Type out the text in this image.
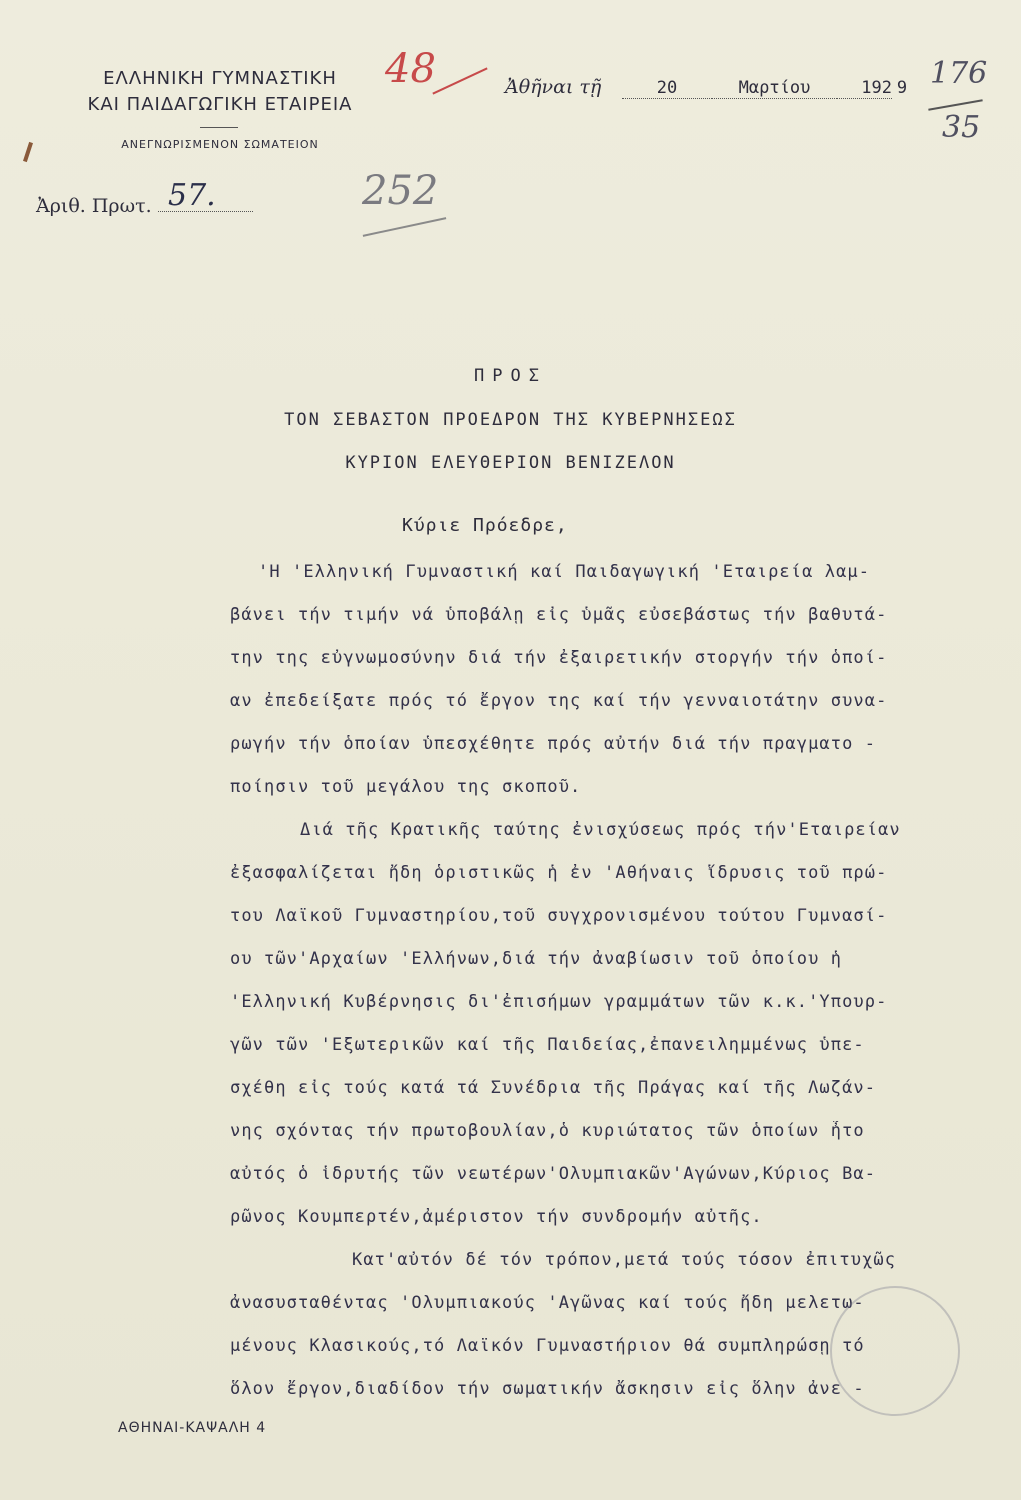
ΕΛΛΗΝΙΚΗ ΓΥΜΝΑΣΤΙΚΗ
ΚΑΙ ΠΑΙΔΑΓΩΓΙΚΗ ΕΤΑΙΡΕΙΑ
ΑΝΕΓΝΩΡΙΣΜΕΝΟΝ ΣΩΜΑΤΕΙΟΝ
Ἀριθ. Πρωτ. 57.
48
252
Ἀθῆναι τῇ	20	Μαρτίου	192 9 176
35
ΠΡΟΣ
ΤΟΝ ΣΕΒΑΣΤΟΝ ΠΡΟΕΔΡΟΝ ΤΗΣ ΚΥΒΕΡΝΗΣΕΩΣ
ΚΥΡΙΟΝ ΕΛΕΥΘΕΡΙΟΝ ΒΕΝΙΖΕΛΟΝ
Κύριε Πρόεδρε,
'Η 'Ελληνική Γυμναστική καί Παιδαγωγική 'Εταιρεία λαμ-
βάνει τήν τιμήν νά ὑποβάλῃ εἰς ὑμᾶς εὐσεβάστως τήν βαθυτά-
την της εὐγνωμοσύνην διά τήν ἐξαιρετικήν στοργήν τήν ὁποί-
αν ἐπεδείξατε πρός τό ἔργον της καί τήν γενναιοτάτην συνα-
ρωγήν τήν ὁποίαν ὑπεσχέθητε πρός αὐτήν διά τήν πραγματο -
ποίησιν τοῦ μεγάλου της σκοποῦ.
Διά τῆς Κρατικῆς ταύτης ἐνισχύσεως πρός τήν'Εταιρείαν
ἐξασφαλίζεται ἤδη ὁριστικῶς ἡ ἐν 'Αθήναις ἵδρυσις τοῦ πρώ-
του Λαϊκοῦ Γυμναστηρίου,τοῦ συγχρονισμένου τούτου Γυμνασί-
ου τῶν'Αρχαίων 'Ελλήνων,διά τήν ἀναβίωσιν τοῦ ὁποίου ἡ
'Ελληνική Κυβέρνησις δι'ἐπισήμων γραμμάτων τῶν κ.κ.'Υπουρ-
γῶν τῶν 'Εξωτερικῶν καί τῆς Παιδείας,ἐπανειλημμένως ὑπε-
σχέθη εἰς τούς κατά τά Συνέδρια τῆς Πράγας καί τῆς Λωζάν-
νης σχόντας τήν πρωτοβουλίαν,ὁ κυριώτατος τῶν ὁποίων ἦτο
αὐτός ὁ ἱδρυτής τῶν νεωτέρων'Ολυμπιακῶν'Αγώνων,Κύριος Βα-
ρῶνος Κουμπερτέν,ἀμέριστον τήν συνδρομήν αὐτῆς.
Κατ'αὐτόν δέ τόν τρόπον,μετά τούς τόσον ἐπιτυχῶς
ἀνασυσταθέντας 'Ολυμπιακούς 'Αγῶνας καί τούς ἤδη μελετω-
μένους Κλασικούς,τό Λαϊκόν Γυμναστήριον θά συμπληρώσῃ τό
ὅλον ἔργον,διαδίδον τήν σωματικήν ἄσκησιν εἰς ὅλην ἀνε -
ΑΘΗΝΑΙ-ΚΑΨΑΛΗ 4
